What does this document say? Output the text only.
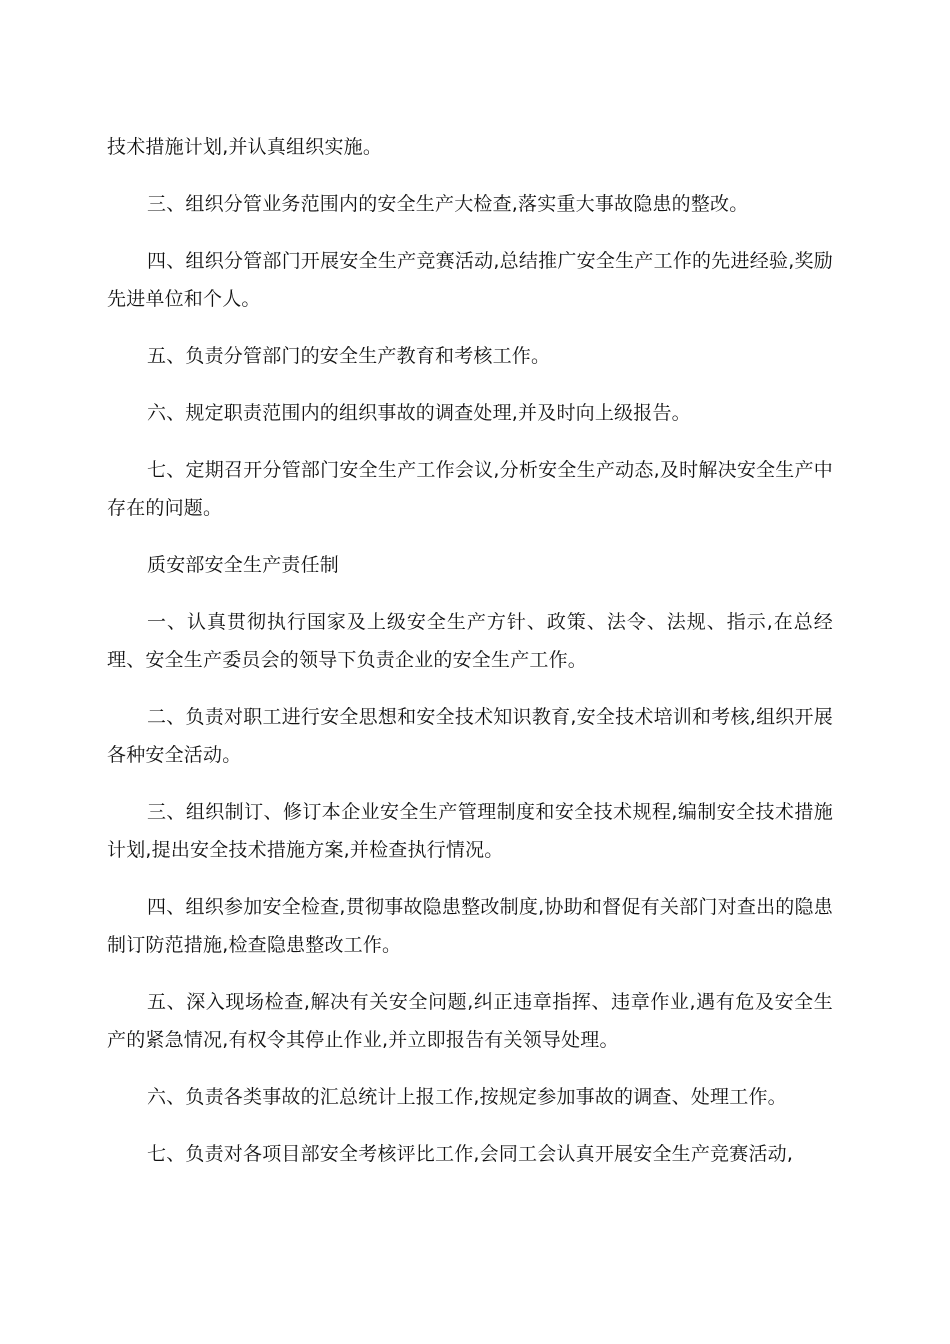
技术措施计划,并认真组织实施。

三、组织分管业务范围内的安全生产大检查,落实重大事故隐患的整改。

四、组织分管部门开展安全生产竞赛活动,总结推广安全生产工作的先进经验,奖励先进单位和个人。

五、负责分管部门的安全生产教育和考核工作。

六、规定职责范围内的组织事故的调查处理,并及时向上级报告。

七、定期召开分管部门安全生产工作会议,分析安全生产动态,及时解决安全生产中存在的问题。

质安部安全生产责任制

一、认真贯彻执行国家及上级安全生产方针、政策、法令、法规、指示,在总经理、安全生产委员会的领导下负责企业的安全生产工作。

二、负责对职工进行安全思想和安全技术知识教育,安全技术培训和考核,组织开展各种安全活动。

三、组织制订、修订本企业安全生产管理制度和安全技术规程,编制安全技术措施计划,提出安全技术措施方案,并检查执行情况。

四、组织参加安全检查,贯彻事故隐患整改制度,协助和督促有关部门对查出的隐患制订防范措施,检查隐患整改工作。

五、深入现场检查,解决有关安全问题,纠正违章指挥、违章作业,遇有危及安全生产的紧急情况,有权令其停止作业,并立即报告有关领导处理。

六、负责各类事故的汇总统计上报工作,按规定参加事故的调查、处理工作。

七、负责对各项目部安全考核评比工作,会同工会认真开展安全生产竞赛活动,
